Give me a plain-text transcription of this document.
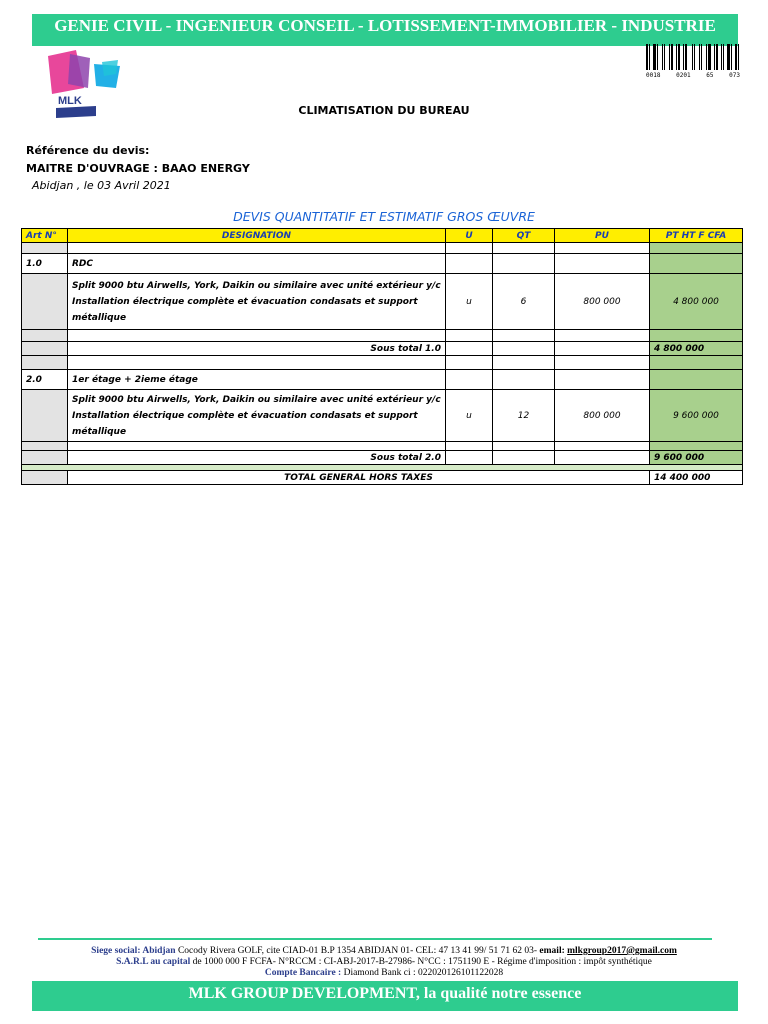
GENIE CIVIL - INGENIEUR CONSEIL - LOTISSEMENT-IMMOBILIER - INDUSTRIE
MLK
0018	0201	65	073
CLIMATISATION DU BUREAU
Référence du devis:
MAITRE D'OUVRAGE : BAAO ENERGY
Abidjan , le 03 Avril 2021
DEVIS QUANTITATIF ET ESTIMATIF GROS ŒUVRE
Art N°	DESIGNATION	U	QT	PU	PT HT F CFA

1.0	RDC				
	Split 9000 btu Airwells, York, Daikin ou similaire avec unité extérieur y/c Installation électrique complète et évacuation condasats et support métallique	u	6	800 000	4 800 000

	Sous total 1.0				4 800 000

2.0	1er étage + 2ieme étage				
	Split 9000 btu Airwells, York, Daikin ou similaire avec unité extérieur y/c Installation électrique complète et évacuation condasats et support métallique	u	12	800 000	9 600 000

	Sous total 2.0				9 600 000

	TOTAL GENERAL HORS TAXES				14 400 000
Siege social: Abidjan Cocody Rivera GOLF, cite CIAD-01 B.P 1354 ABIDJAN 01- CEL: 47 13 41 99/ 51 71 62 03- email: mlkgroup2017@gmail.com
S.A.R.L au capital de 1000 000 F FCFA- N°RCCM : CI-ABJ-2017-B-27986- N°CC : 1751190 E - Régime d'imposition : impôt synthétique
Compte Bancaire : Diamond Bank ci : 022020126101122028
MLK GROUP DEVELOPMENT, la qualité notre essence
